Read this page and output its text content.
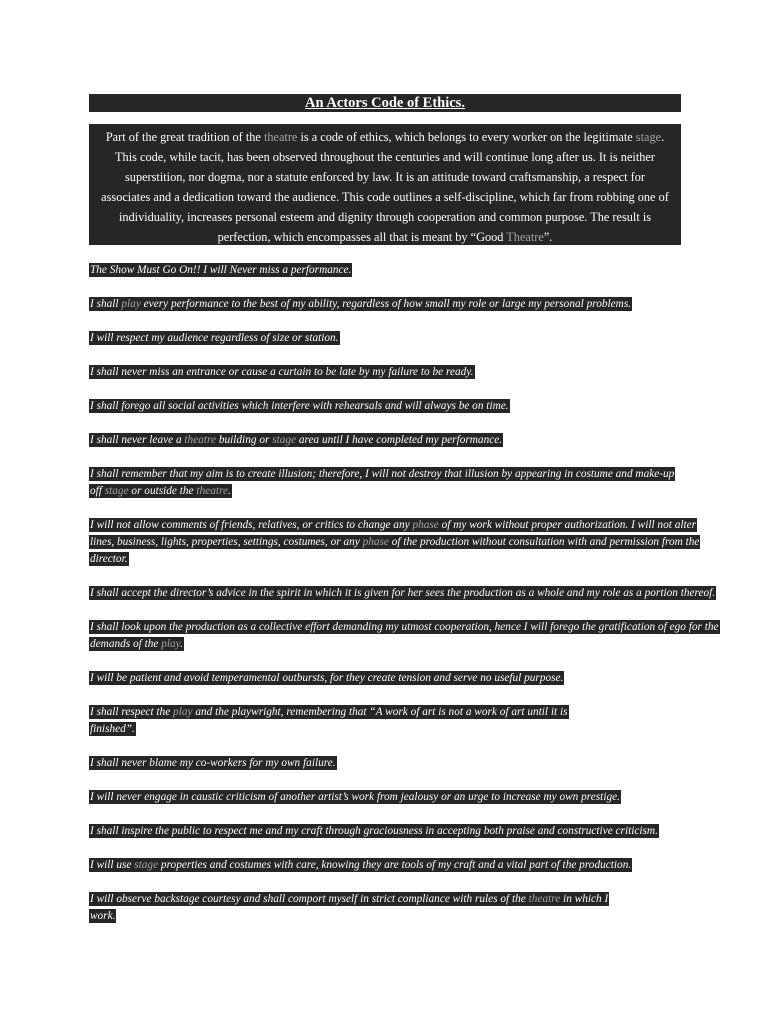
An Actors Code of Ethics.
Part of the great tradition of the theatre is a code of ethics, which belongs to every worker on the legitimate stage.
This code, while tacit, has been observed throughout the centuries and will continue long after us. It is neither
superstition, nor dogma, nor a statute enforced by law. It is an attitude toward craftsmanship, a respect for
associates and a dedication toward the audience. This code outlines a self-discipline, which far from robbing one of
individuality, increases personal esteem and dignity through cooperation and common purpose. The result is
perfection, which encompasses all that is meant by “Good Theatre”.
The Show Must Go On!! I will Never miss a performance.
I shall play every performance to the best of my ability, regardless of how small my role or large my personal problems.
I will respect my audience regardless of size or station.
I shall never miss an entrance or cause a curtain to be late by my failure to be ready.
I shall forego all social activities which interfere with rehearsals and will always be on time.
I shall never leave a theatre building or stage area until I have completed my performance.
I shall remember that my aim is to create illusion; therefore, I will not destroy that illusion by appearing in costume and make-up
off stage or outside the theatre.
I will not allow comments of friends, relatives, or critics to change any phase of my work without proper authorization. I will not alter
lines, business, lights, properties, settings, costumes, or any phase of the production without consultation with and permission from the
director.
I shall accept the director’s advice in the spirit in which it is given for her sees the production as a whole and my role as a portion thereof.
I shall look upon the production as a collective effort demanding my utmost cooperation, hence I will forego the gratification of ego for the
demands of the play.
I will be patient and avoid temperamental outbursts, for they create tension and serve no useful purpose.
I shall respect the play and the playwright, remembering that “A work of art is not a work of art until it is
finished”.
I shall never blame my co-workers for my own failure.
I will never engage in caustic criticism of another artist’s work from jealousy or an urge to increase my own prestige.
I shall inspire the public to respect me and my craft through graciousness in accepting both praise and constructive criticism.
I will use stage properties and costumes with care, knowing they are tools of my craft and a vital part of the production.
I will observe backstage courtesy and shall comport myself in strict compliance with rules of the theatre in which I
work.
